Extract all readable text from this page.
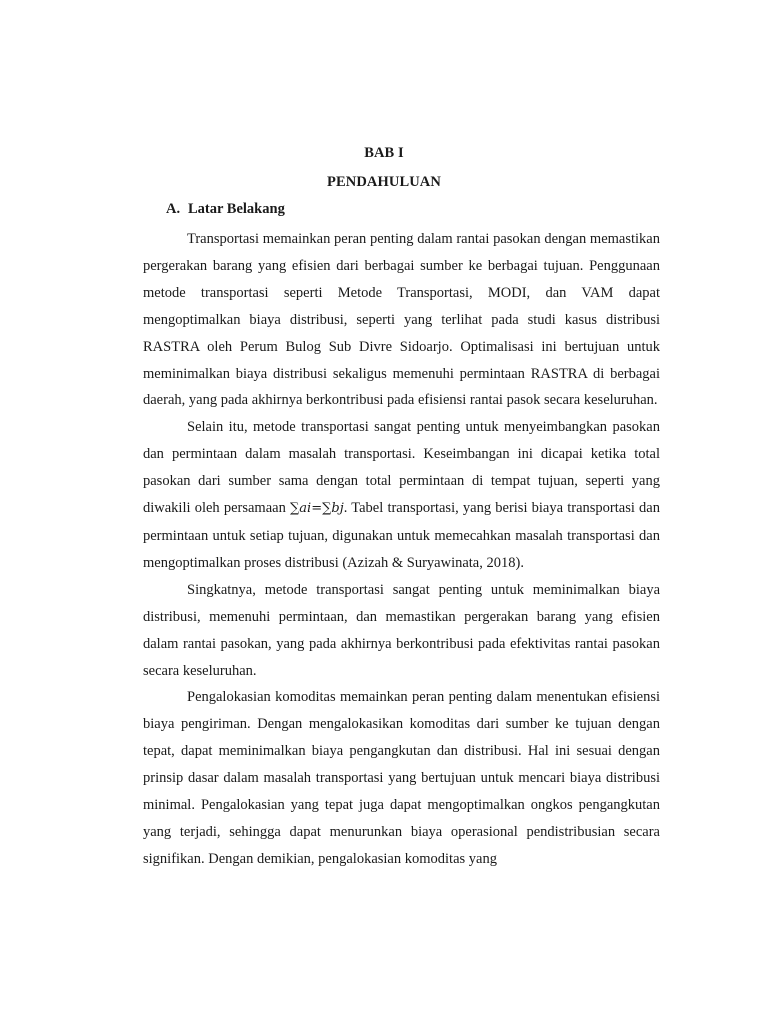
BAB I
PENDAHULUAN
A. Latar Belakang

Transportasi memainkan peran penting dalam rantai pasokan dengan memastikan pergerakan barang yang efisien dari berbagai sumber ke berbagai tujuan. Penggunaan metode transportasi seperti Metode Transportasi, MODI, dan VAM dapat mengoptimalkan biaya distribusi, seperti yang terlihat pada studi kasus distribusi RASTRA oleh Perum Bulog Sub Divre Sidoarjo. Optimalisasi ini bertujuan untuk meminimalkan biaya distribusi sekaligus memenuhi permintaan RASTRA di berbagai daerah, yang pada akhirnya berkontribusi pada efisiensi rantai pasok secara keseluruhan.

Selain itu, metode transportasi sangat penting untuk menyeimbangkan pasokan dan permintaan dalam masalah transportasi. Keseimbangan ini dicapai ketika total pasokan dari sumber sama dengan total permintaan di tempat tujuan, seperti yang diwakili oleh persamaan ∑ai=∑bj. Tabel transportasi, yang berisi biaya transportasi dan permintaan untuk setiap tujuan, digunakan untuk memecahkan masalah transportasi dan mengoptimalkan proses distribusi (Azizah & Suryawinata, 2018).

Singkatnya, metode transportasi sangat penting untuk meminimalkan biaya distribusi, memenuhi permintaan, dan memastikan pergerakan barang yang efisien dalam rantai pasokan, yang pada akhirnya berkontribusi pada efektivitas rantai pasokan secara keseluruhan.

Pengalokasian komoditas memainkan peran penting dalam menentukan efisiensi biaya pengiriman. Dengan mengalokasikan komoditas dari sumber ke tujuan dengan tepat, dapat meminimalkan biaya pengangkutan dan distribusi. Hal ini sesuai dengan prinsip dasar dalam masalah transportasi yang bertujuan untuk mencari biaya distribusi minimal. Pengalokasian yang tepat juga dapat mengoptimalkan ongkos pengangkutan yang terjadi, sehingga dapat menurunkan biaya operasional pendistribusian secara signifikan. Dengan demikian, pengalokasian komoditas yang
